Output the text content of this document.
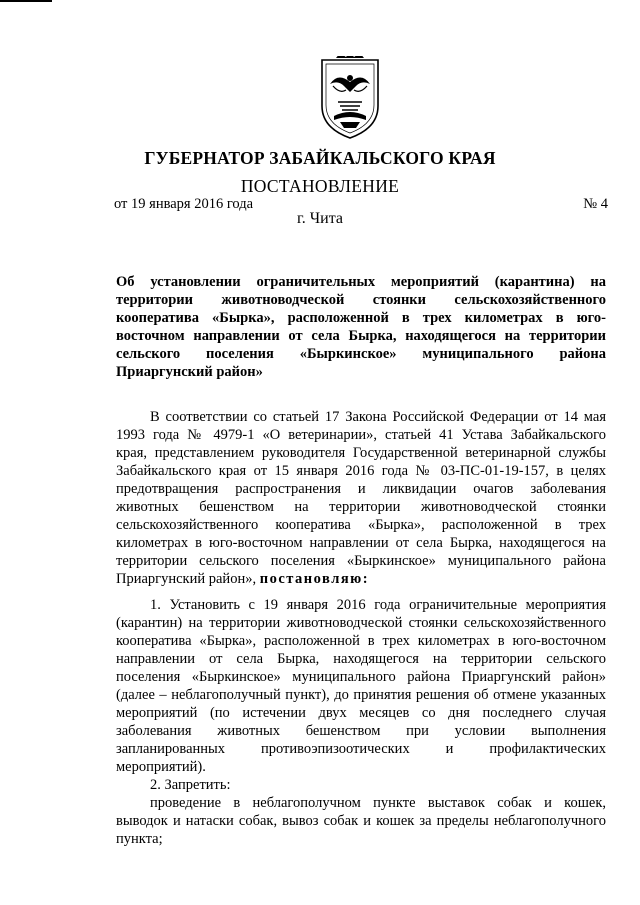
ГУБЕРНАТОР ЗАБАЙКАЛЬСКОГО КРАЯ
ПОСТАНОВЛЕНИЕ
от 19 января 2016 года	№ 4
г. Чита
Об установлении ограничительных мероприятий (карантина) на
территории животноводческой стоянки сельскохозяйственного
кооператива «Бырка», расположенной в трех километрах в юго-
восточном направлении от села Бырка, находящегося на территории
сельского поселения «Быркинское» муниципального района
Приаргунский район»
В соответствии со статьей 17 Закона Российской Федерации от 14 мая
1993 года № 4979-1 «О ветеринарии», статьей 41 Устава Забайкальского
края, представлением руководителя Государственной ветеринарной службы
Забайкальского края от 15 января 2016 года № 03-ПС-01-19-157, в целях
предотвращения распространения и ликвидации очагов заболевания
животных бешенством на территории животноводческой стоянки
сельскохозяйственного кооператива «Бырка», расположенной в трех
километрах в юго-восточном направлении от села Бырка, находящегося на
территории сельского поселения «Быркинское» муниципального района
Приаргунский район», постановляю:
1. Установить с 19 января 2016 года ограничительные мероприятия
(карантин) на территории животноводческой стоянки сельскохозяйственного
кооператива «Бырка», расположенной в трех километрах в юго-восточном
направлении от села Бырка, находящегося на территории сельского
поселения «Быркинское» муниципального района Приаргунский район»
(далее – неблагополучный пункт), до принятия решения об отмене указанных
мероприятий (по истечении двух месяцев со дня последнего случая
заболевания животных бешенством при условии выполнения
запланированных противоэпизоотических и профилактических
мероприятий).
2. Запретить:
проведение в неблагополучном пункте выставок собак и кошек,
выводок и натаски собак, вывоз собак и кошек за пределы неблагополучного
пункта;
